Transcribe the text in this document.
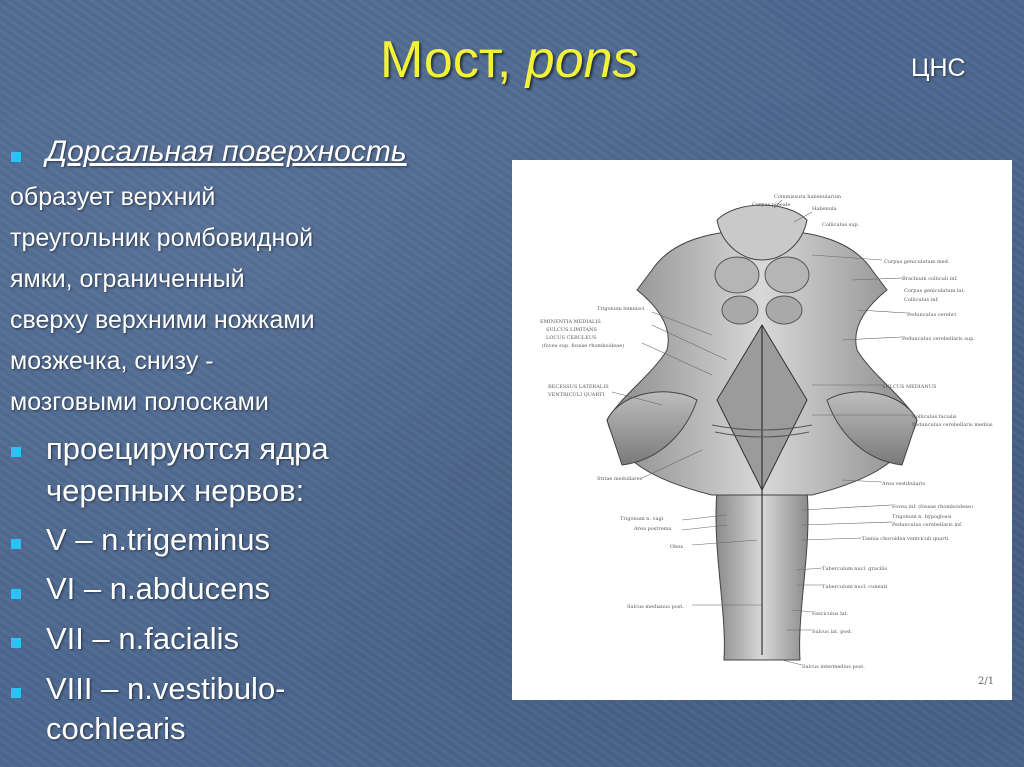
Мост, pons	ЦНС
Дорсальная поверхность
образует верхний
треугольник ромбовидной
ямки, ограниченный
сверху верхними ножками
мозжечка, снизу -
мозговыми полосками
проецируются ядра
черепных нервов:
V – n.trigeminus
VI – n.abducens
VII – n.facialis
VIII – n.vestibulo-
cochlearis
Commissura habenularum
Corpus pineale
Habenula
Colliculus sup.
Corpus geniculatum med.
Brachium colliculi inf.
Corpus geniculatum lat.
Colliculus inf.
Pedunculus cerebri
Pedunculus cerebellaris sup.
SULCUS MEDIANUS
Colliculus facialis
Pedunculus cerebellaris medius
Area vestibularis
Fovea inf. (fossae rhomboideae)
Trigonum n. hypoglossi
Pedunculus cerebellaris inf.
Taenia choroidea ventriculi quarti
Tuberculum nucl. gracilis
Tuberculum nucl. cuneati
Fasciculus lat.
Sulcus lat. post.
Sulcus intermedius post.
Trigonum lemnisci
EMINENTIA MEDIALIS
SULCUS LIMITANS
LOCUS CERULEUS
(fovea sup. fossae rhomboideae)
RECESSUS LATERALIS
VENTRICULI QUARTI
Striae medullares
Trigonum n. vagi
Area postrema
Obex
Sulcus medianus post.
2/1
